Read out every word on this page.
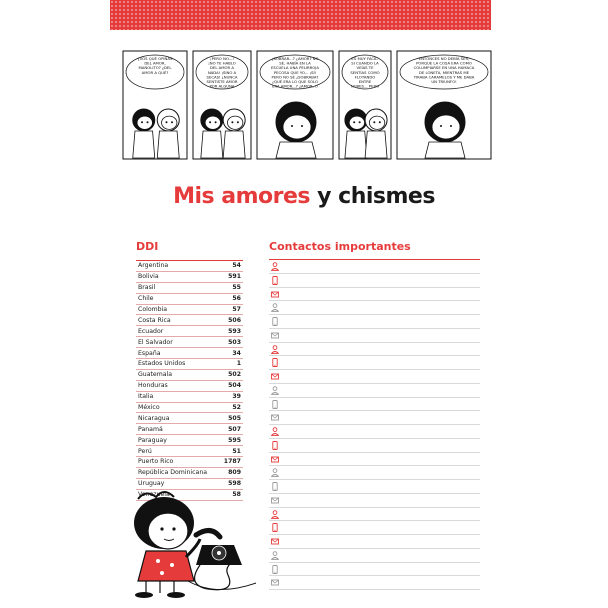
¿VOS QUÉ OPINÁS
DEL AMOR,
MANOLITO? ¿DEL
AMOR A QUÉ?
¡PERO NO...!
¡NO TE HABLO
DEL AMOR A
NADA! ¡SINO A
SECAS! ¿NUNCA
SENTISTE AMOR
POR ALGUNA
¿SOBRAR...? ¿AMOR? NO
SÉ, HABÍA EN LA
ESCUELA UNA PELIRROJA
PECOSA QUE YO... ¡SÍ!
PERO NO SÉ ¿SOBRABA?
¿QUÉ ERA LO QUE SÓLO
ERA AMOR...? ¿AMOR, O
ES MUY FÁCIL:
SI CUANDO LA
VEÍAS TE
SENTÍAS COMO
FLOTANDO
ENTRE
NUBES... PERO
ENTONCES NO DEBÍA SER,
PORQUE LA COSA ERA COMO
COLUMPIARSE EN UNA HAMACA
DE LONETA, MIENTRAS ME
TIRABA CARAMELOS Y ME DABA
UN TRIUNFO!
Mis amores y chismes
DDI
Argentina	54
Bolivia	591
Brasil	55
Chile	56
Colombia	57
Costa Rica	506
Ecuador	593
El Salvador	503
España	34
Estados Unidos	1
Guatemala	502
Honduras	504
Italia	39
México	52
Nicaragua	505
Panamá	507
Paraguay	595
Perú	51
Puerto Rico	1787
República Dominicana	809
Uruguay	598
Venezuela	58
Contactos importantes
